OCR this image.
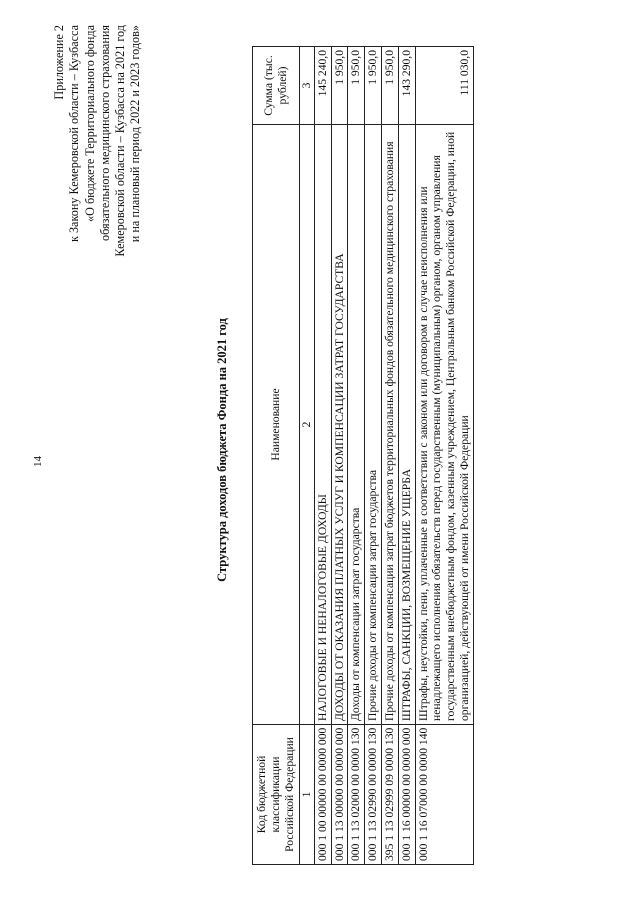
14
Приложение 2 к Закону Кемеровской области – Кузбасса «О бюджете Территориального фонда обязательного медицинского страхования Кемеровской области – Кузбасса на 2021 год и на плановый период 2022 и 2023 годов»
Структура доходов бюджета Фонда на 2021 год
Код бюджетной классификации Российской Федерации	Наименование	Сумма (тыс. рублей)
1	2	3
000 1 00 00000 00 0000 000	НАЛОГОВЫЕ И НЕНАЛОГОВЫЕ ДОХОДЫ	145 240,0
000 1 13 00000 00 0000 000	ДОХОДЫ ОТ ОКАЗАНИЯ ПЛАТНЫХ УСЛУГ И КОМПЕНСАЦИИ ЗАТРАТ ГОСУДАРСТВА	1 950,0
000 1 13 02000 00 0000 130	Доходы от компенсации затрат государства	1 950,0
000 1 13 02990 00 0000 130	Прочие доходы от компенсации затрат государства	1 950,0
395 1 13 02999 09 0000 130	Прочие доходы от компенсации затрат бюджетов территориальных фондов обязательного медицинского страхования	1 950,0
000 1 16 00000 00 0000 000	ШТРАФЫ, САНКЦИИ, ВОЗМЕЩЕНИЕ УЩЕРБА	143 290,0
000 1 16 07000 00 0000 140	Штрафы, неустойки, пени, уплаченные в соответствии с законом или договором в случае неисполнения или ненадлежащего исполнения обязательств перед государственным (муниципальным) органом, органом управления государственным внебюджетным фондом, казенным учреждением, Центральным банком Российской Федерации, иной организацией, действующей от имени Российской Федерации	111 030,0
